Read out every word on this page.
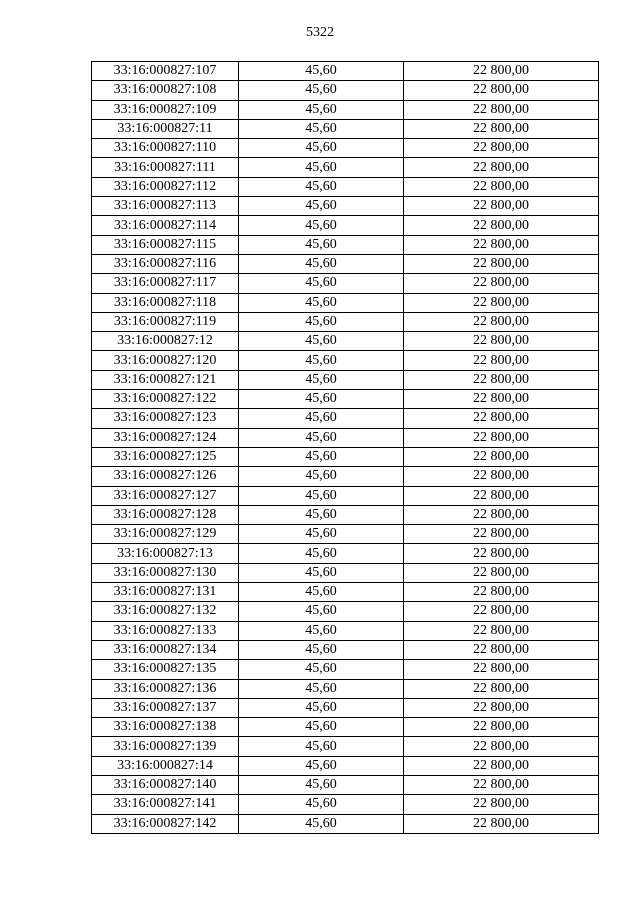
5322
33:16:000827:107	45,60	22 800,00
33:16:000827:108	45,60	22 800,00
33:16:000827:109	45,60	22 800,00
33:16:000827:11	45,60	22 800,00
33:16:000827:110	45,60	22 800,00
33:16:000827:111	45,60	22 800,00
33:16:000827:112	45,60	22 800,00
33:16:000827:113	45,60	22 800,00
33:16:000827:114	45,60	22 800,00
33:16:000827:115	45,60	22 800,00
33:16:000827:116	45,60	22 800,00
33:16:000827:117	45,60	22 800,00
33:16:000827:118	45,60	22 800,00
33:16:000827:119	45,60	22 800,00
33:16:000827:12	45,60	22 800,00
33:16:000827:120	45,60	22 800,00
33:16:000827:121	45,60	22 800,00
33:16:000827:122	45,60	22 800,00
33:16:000827:123	45,60	22 800,00
33:16:000827:124	45,60	22 800,00
33:16:000827:125	45,60	22 800,00
33:16:000827:126	45,60	22 800,00
33:16:000827:127	45,60	22 800,00
33:16:000827:128	45,60	22 800,00
33:16:000827:129	45,60	22 800,00
33:16:000827:13	45,60	22 800,00
33:16:000827:130	45,60	22 800,00
33:16:000827:131	45,60	22 800,00
33:16:000827:132	45,60	22 800,00
33:16:000827:133	45,60	22 800,00
33:16:000827:134	45,60	22 800,00
33:16:000827:135	45,60	22 800,00
33:16:000827:136	45,60	22 800,00
33:16:000827:137	45,60	22 800,00
33:16:000827:138	45,60	22 800,00
33:16:000827:139	45,60	22 800,00
33:16:000827:14	45,60	22 800,00
33:16:000827:140	45,60	22 800,00
33:16:000827:141	45,60	22 800,00
33:16:000827:142	45,60	22 800,00
